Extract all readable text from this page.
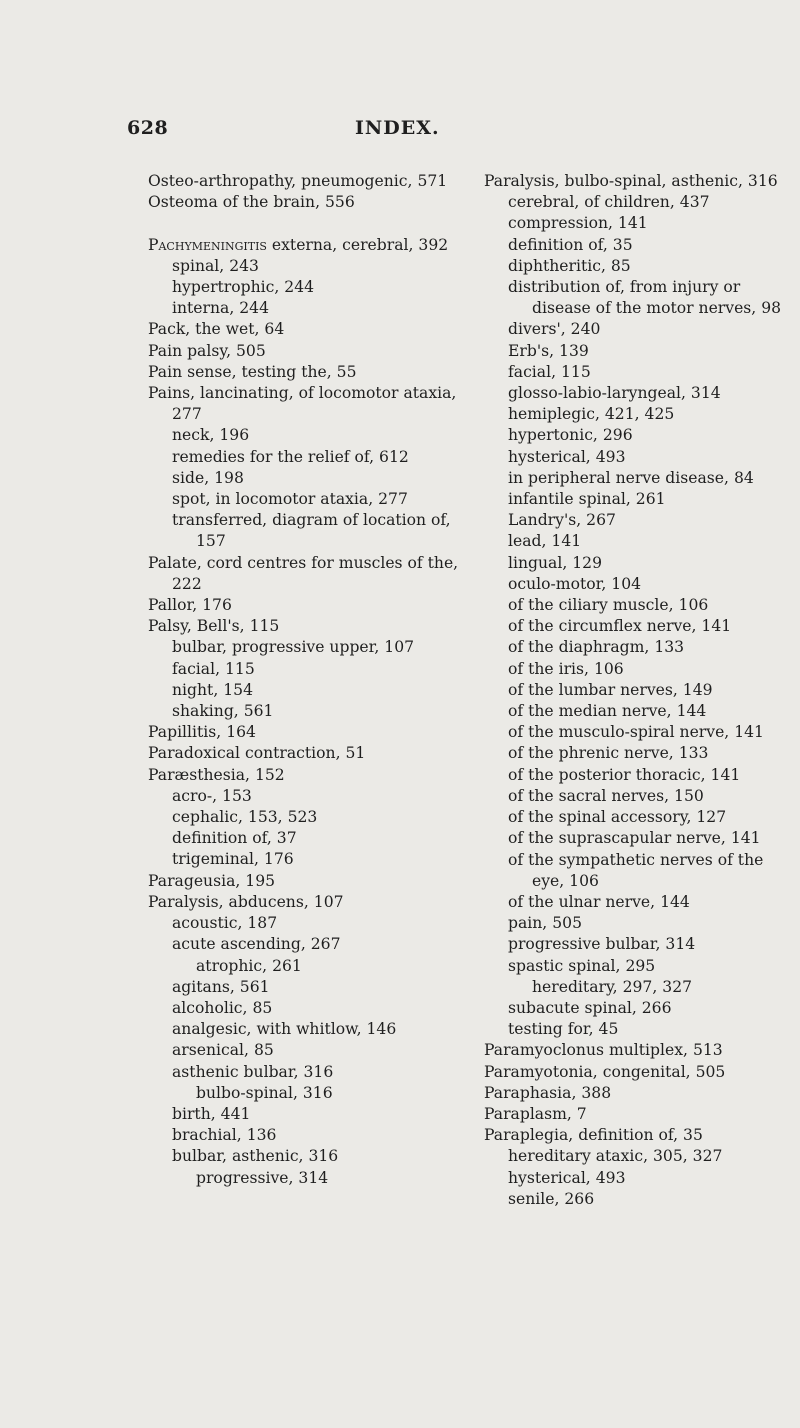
628	INDEX.
Osteo-arthropathy, pneumogenic, 571
Osteoma of the brain, 556
Pachymeningitis externa, cerebral, 392
spinal, 243
hypertrophic, 244
interna, 244
Pack, the wet, 64
Pain palsy, 505
Pain sense, testing the, 55
Pains, lancinating, of locomotor ataxia, 277
neck, 196
remedies for the relief of, 612
side, 198
spot, in locomotor ataxia, 277
transferred, diagram of location of, 157
Palate, cord centres for muscles of the, 222
Pallor, 176
Palsy, Bell's, 115
bulbar, progressive upper, 107
facial, 115
night, 154
shaking, 561
Papillitis, 164
Paradoxical contraction, 51
Paræsthesia, 152
acro-, 153
cephalic, 153, 523
definition of, 37
trigeminal, 176
Parageusia, 195
Paralysis, abducens, 107
acoustic, 187
acute ascending, 267
atrophic, 261
agitans, 561
alcoholic, 85
analgesic, with whitlow, 146
arsenical, 85
asthenic bulbar, 316
bulbo-spinal, 316
birth, 441
brachial, 136
bulbar, asthenic, 316
progressive, 314
Paralysis, bulbo-spinal, asthenic, 316
cerebral, of children, 437
compression, 141
definition of, 35
diphtheritic, 85
distribution of, from injury or disease of the motor nerves, 98
divers', 240
Erb's, 139
facial, 115
glosso-labio-laryngeal, 314
hemiplegic, 421, 425
hypertonic, 296
hysterical, 493
in peripheral nerve disease, 84
infantile spinal, 261
Landry's, 267
lead, 141
lingual, 129
oculo-motor, 104
of the ciliary muscle, 106
of the circumflex nerve, 141
of the diaphragm, 133
of the iris, 106
of the lumbar nerves, 149
of the median nerve, 144
of the musculo-spiral nerve, 141
of the phrenic nerve, 133
of the posterior thoracic, 141
of the sacral nerves, 150
of the spinal accessory, 127
of the suprascapular nerve, 141
of the sympathetic nerves of the eye, 106
of the ulnar nerve, 144
pain, 505
progressive bulbar, 314
spastic spinal, 295
hereditary, 297, 327
subacute spinal, 266
testing for, 45
Paramyoclonus multiplex, 513
Paramyotonia, congenital, 505
Paraphasia, 388
Paraplasm, 7
Paraplegia, definition of, 35
hereditary ataxic, 305, 327
hysterical, 493
senile, 266
